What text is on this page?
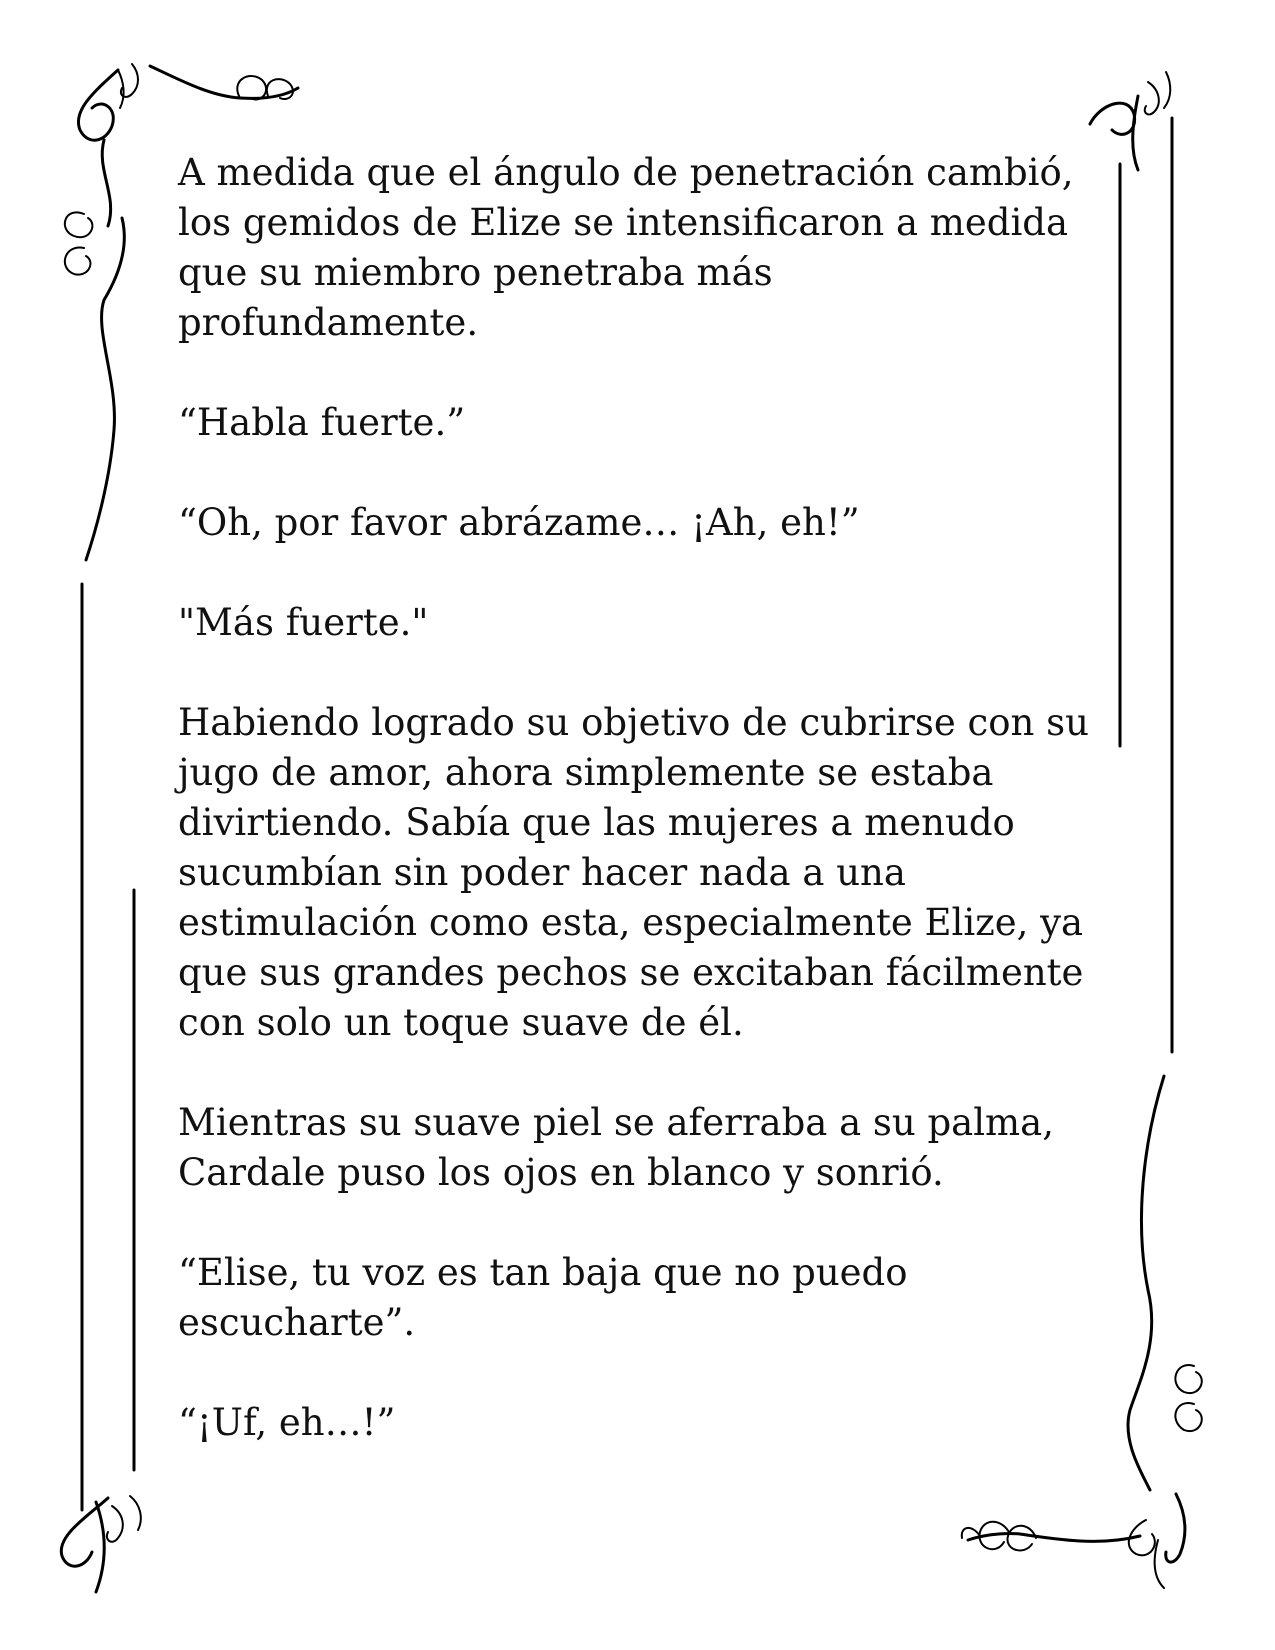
A medida que el ángulo de penetración cambió,
los gemidos de Elize se intensificaron a medida
que su miembro penetraba más
profundamente.

“Habla fuerte.”

“Oh, por favor abrázame… ¡Ah, eh!”

"Más fuerte."

Habiendo logrado su objetivo de cubrirse con su
jugo de amor, ahora simplemente se estaba
divirtiendo. Sabía que las mujeres a menudo
sucumbían sin poder hacer nada a una
estimulación como esta, especialmente Elize, ya
que sus grandes pechos se excitaban fácilmente
con solo un toque suave de él.

Mientras su suave piel se aferraba a su palma,
Cardale puso los ojos en blanco y sonrió.

“Elise, tu voz es tan baja que no puedo
escucharte”.

“¡Uf, eh…!”
